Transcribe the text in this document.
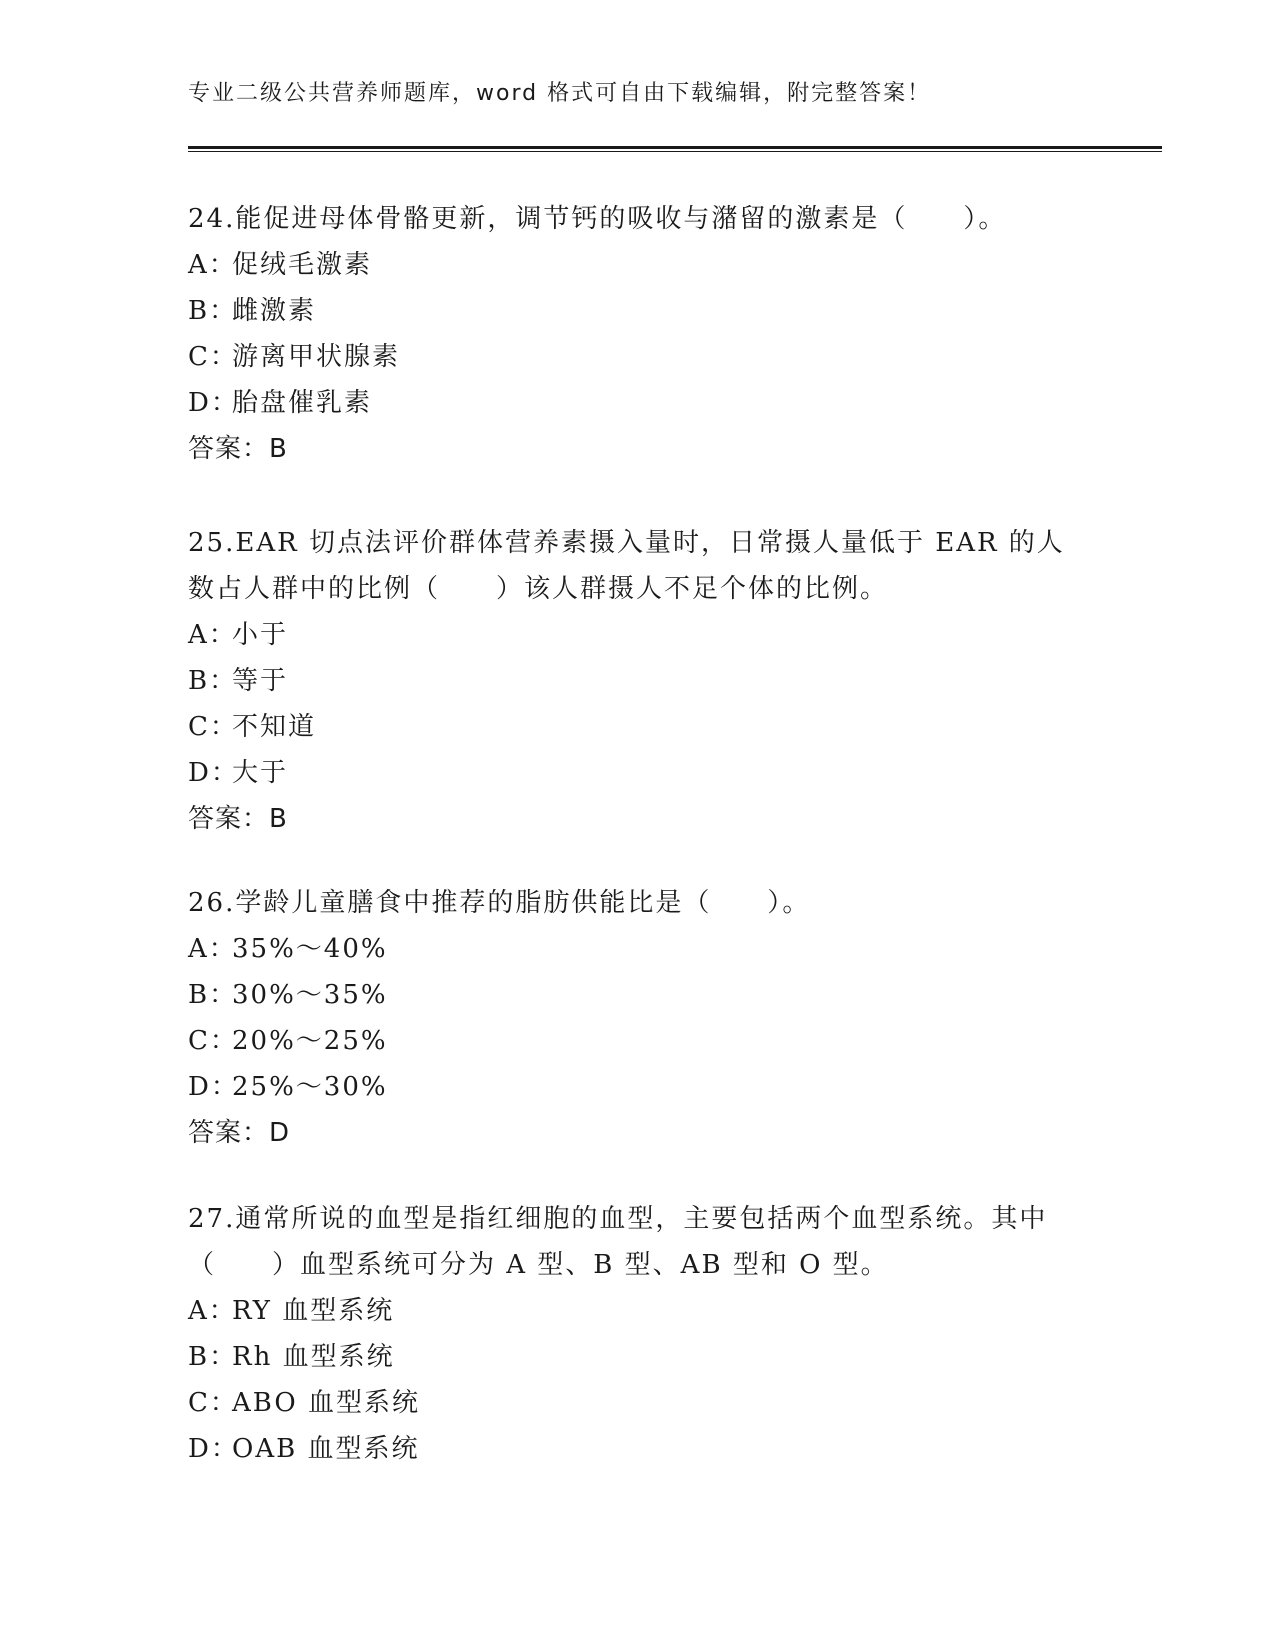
专业二级公共营养师题库，word 格式可自由下载编辑，附完整答案！

24.能促进母体骨骼更新，调节钙的吸收与潴留的激素是（　　）。

A：促绒毛激素

B：雌激素

C：游离甲状腺素

D：胎盘催乳素

答案：B

25.EAR 切点法评价群体营养素摄入量时，日常摄人量低于 EAR 的人数占人群中的比例（　　）该人群摄人不足个体的比例。

A：小于

B：等于

C：不知道

D：大于

答案：B

26.学龄儿童膳食中推荐的脂肪供能比是（　　）。

A：35%～40%

B：30%～35%

C：20%～25%

D：25%～30%

答案：D

27.通常所说的血型是指红细胞的血型，主要包括两个血型系统。其中（　　）血型系统可分为 A 型、B 型、AB 型和 O 型。

A：RY 血型系统

B：Rh 血型系统

C：ABO 血型系统

D：OAB 血型系统
